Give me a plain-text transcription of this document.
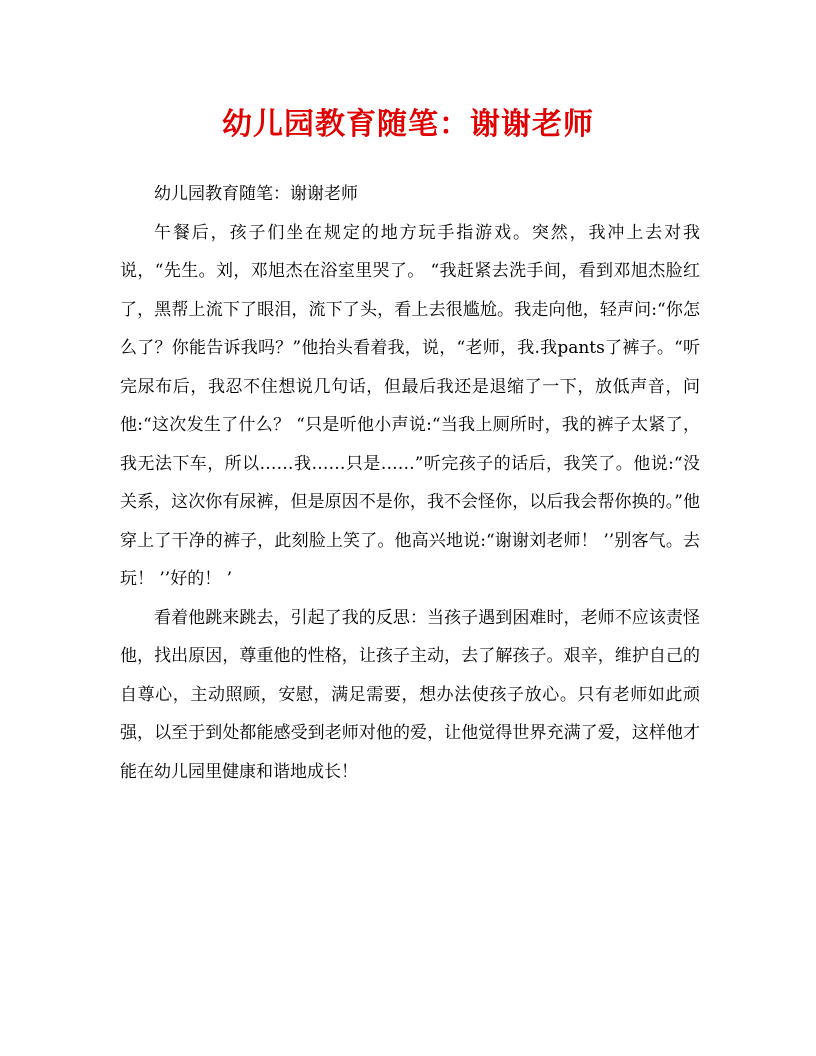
幼儿园教育随笔：谢谢老师

幼儿园教育随笔：谢谢老师

午餐后，孩子们坐在规定的地方玩手指游戏。突然，我冲上去对我说，“先生。刘，邓旭杰在浴室里哭了。 “我赶紧去洗手间，看到邓旭杰脸红了，黑帮上流下了眼泪，流下了头，看上去很尴尬。我走向他，轻声问:“你怎么了？你能告诉我吗？”他抬头看着我，说，“老师，我.我pants了裤子。“听完尿布后，我忍不住想说几句话，但最后我还是退缩了一下，放低声音，问他:“这次发生了什么？ “只是听他小声说:“当我上厕所时，我的裤子太紧了，我无法下车，所以……我……只是……”听完孩子的话后，我笑了。他说:“没关系，这次你有尿裤，但是原因不是你，我不会怪你，以后我会帮你换的。”他穿上了干净的裤子，此刻脸上笑了。他高兴地说:“谢谢刘老师！ ’’别客气。去玩！ ’’好的！ ’

看着他跳来跳去，引起了我的反思：当孩子遇到困难时，老师不应该责怪他，找出原因，尊重他的性格，让孩子主动，去了解孩子。艰辛，维护自己的自尊心，主动照顾，安慰，满足需要，想办法使孩子放心。只有老师如此顽强，以至于到处都能感受到老师对他的爱，让他觉得世界充满了爱，这样他才能在幼儿园里健康和谐地成长！
